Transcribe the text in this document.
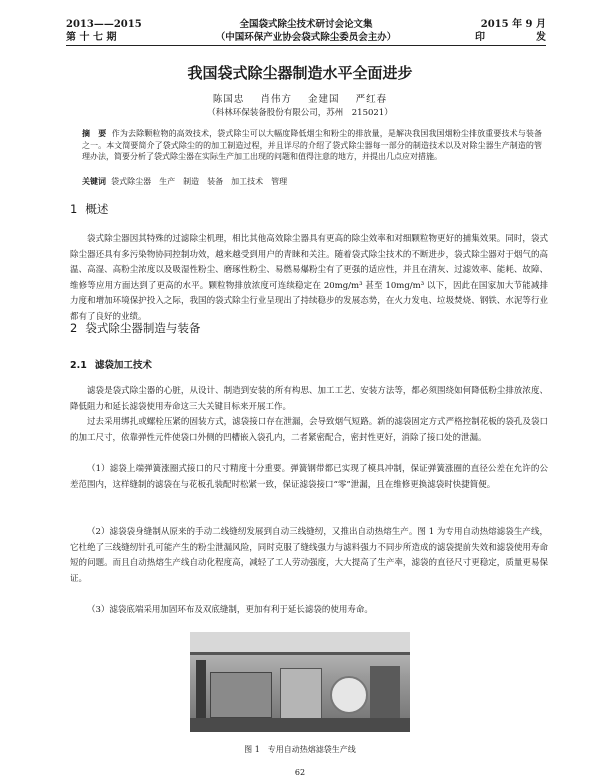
2013——2015
第 十 七 期
全国袋式除尘技术研讨会论文集
（中国环保产业协会袋式除尘委员会主办）
2015 年 9 月
印	发
我国袋式除尘器制造水平全面进步
陈国忠 肖伟方 金建国 严红春
（科林环保装备股份有限公司，苏州　215021）
摘　要 作为去除颗粒物的高效技术，袋式除尘可以大幅度降低烟尘和粉尘的排放量，是解决我国我国烟粉尘排放重要技术与装备之一。本文简要简介了袋式除尘的的加工制造过程，并且详尽的介绍了袋式除尘器每一部分的制造技术以及对除尘器生产制造的管理办法，简要分析了袋式除尘器在实际生产加工出现的问题和值得注意的地方，并提出几点应对措施。
关键词 袋式除尘器　生产　制造　装备　加工技术　管理
1 概述

袋式除尘器因其特殊的过滤除尘机理，相比其他高效除尘器具有更高的除尘效率和对细颗粒物更好的捕集效果。同时，袋式除尘器还具有多污染物协同控制功效，越来越受到用户的青睐和关注。随着袋式除尘技术的不断进步，袋式除尘器对于烟气的高温、高湿、高粉尘浓度以及吸湿性粉尘、磨琢性粉尘、易燃易爆粉尘有了更强的适应性，并且在清灰、过滤效率、能耗、故障、维修等应用方面达到了更高的水平。颗粒物排放浓度可连续稳定在 20mg/m³ 甚至 10mg/m³ 以下，因此在国家加大节能减排力度和增加环境保护投入之际，我国的袋式除尘行业呈现出了持续稳步的发展态势，在火力发电、垃圾焚烧、钢铁、水泥等行业都有了良好的业绩。

2 袋式除尘器制造与装备
2.1 滤袋加工技术

滤袋是袋式除尘器的心脏，从设计、制造到安装的所有构思、加工工艺、安装方法等，都必须围绕如何降低粉尘排放浓度、降低阻力和延长滤袋使用寿命这三大关键目标来开展工作。

过去采用绑扎或螺栓压紧的固装方式，滤袋接口存在泄漏，会导致烟气短路。新的滤袋固定方式严格控制花板的袋孔及袋口的加工尺寸，依靠弹性元件使袋口外侧的凹槽嵌入袋孔内，二者紧密配合，密封性更好，消除了接口处的泄漏。

（1）滤袋上端弹簧涨圈式接口的尺寸精度十分重要。弹簧钢带都已实现了模具冲制，保证弹簧涨圈的直径公差在允许的公差范围内，这样缝制的滤袋在与花板孔装配时松紧一致，保证滤袋接口“零”泄漏，且在维修更换滤袋时快捷简便。

（2）滤袋袋身缝制从原来的手动二线缝纫发展到自动三线缝纫，又推出自动热熔生产。图 1 为专用自动热熔滤袋生产线，它杜绝了三线缝纫针孔可能产生的粉尘泄漏风险，同时克服了缝线强力与滤料强力不同步所造成的滤袋提前失效和滤袋使用寿命短的问题。而且自动热熔生产线自动化程度高，减轻了工人劳动强度，大大提高了生产率，滤袋的直径尺寸更稳定，质量更易保证。

（3）滤袋底端采用加固环布及双底缝制，更加有利于延长滤袋的使用寿命。

图 1　专用自动热熔滤袋生产线
62
